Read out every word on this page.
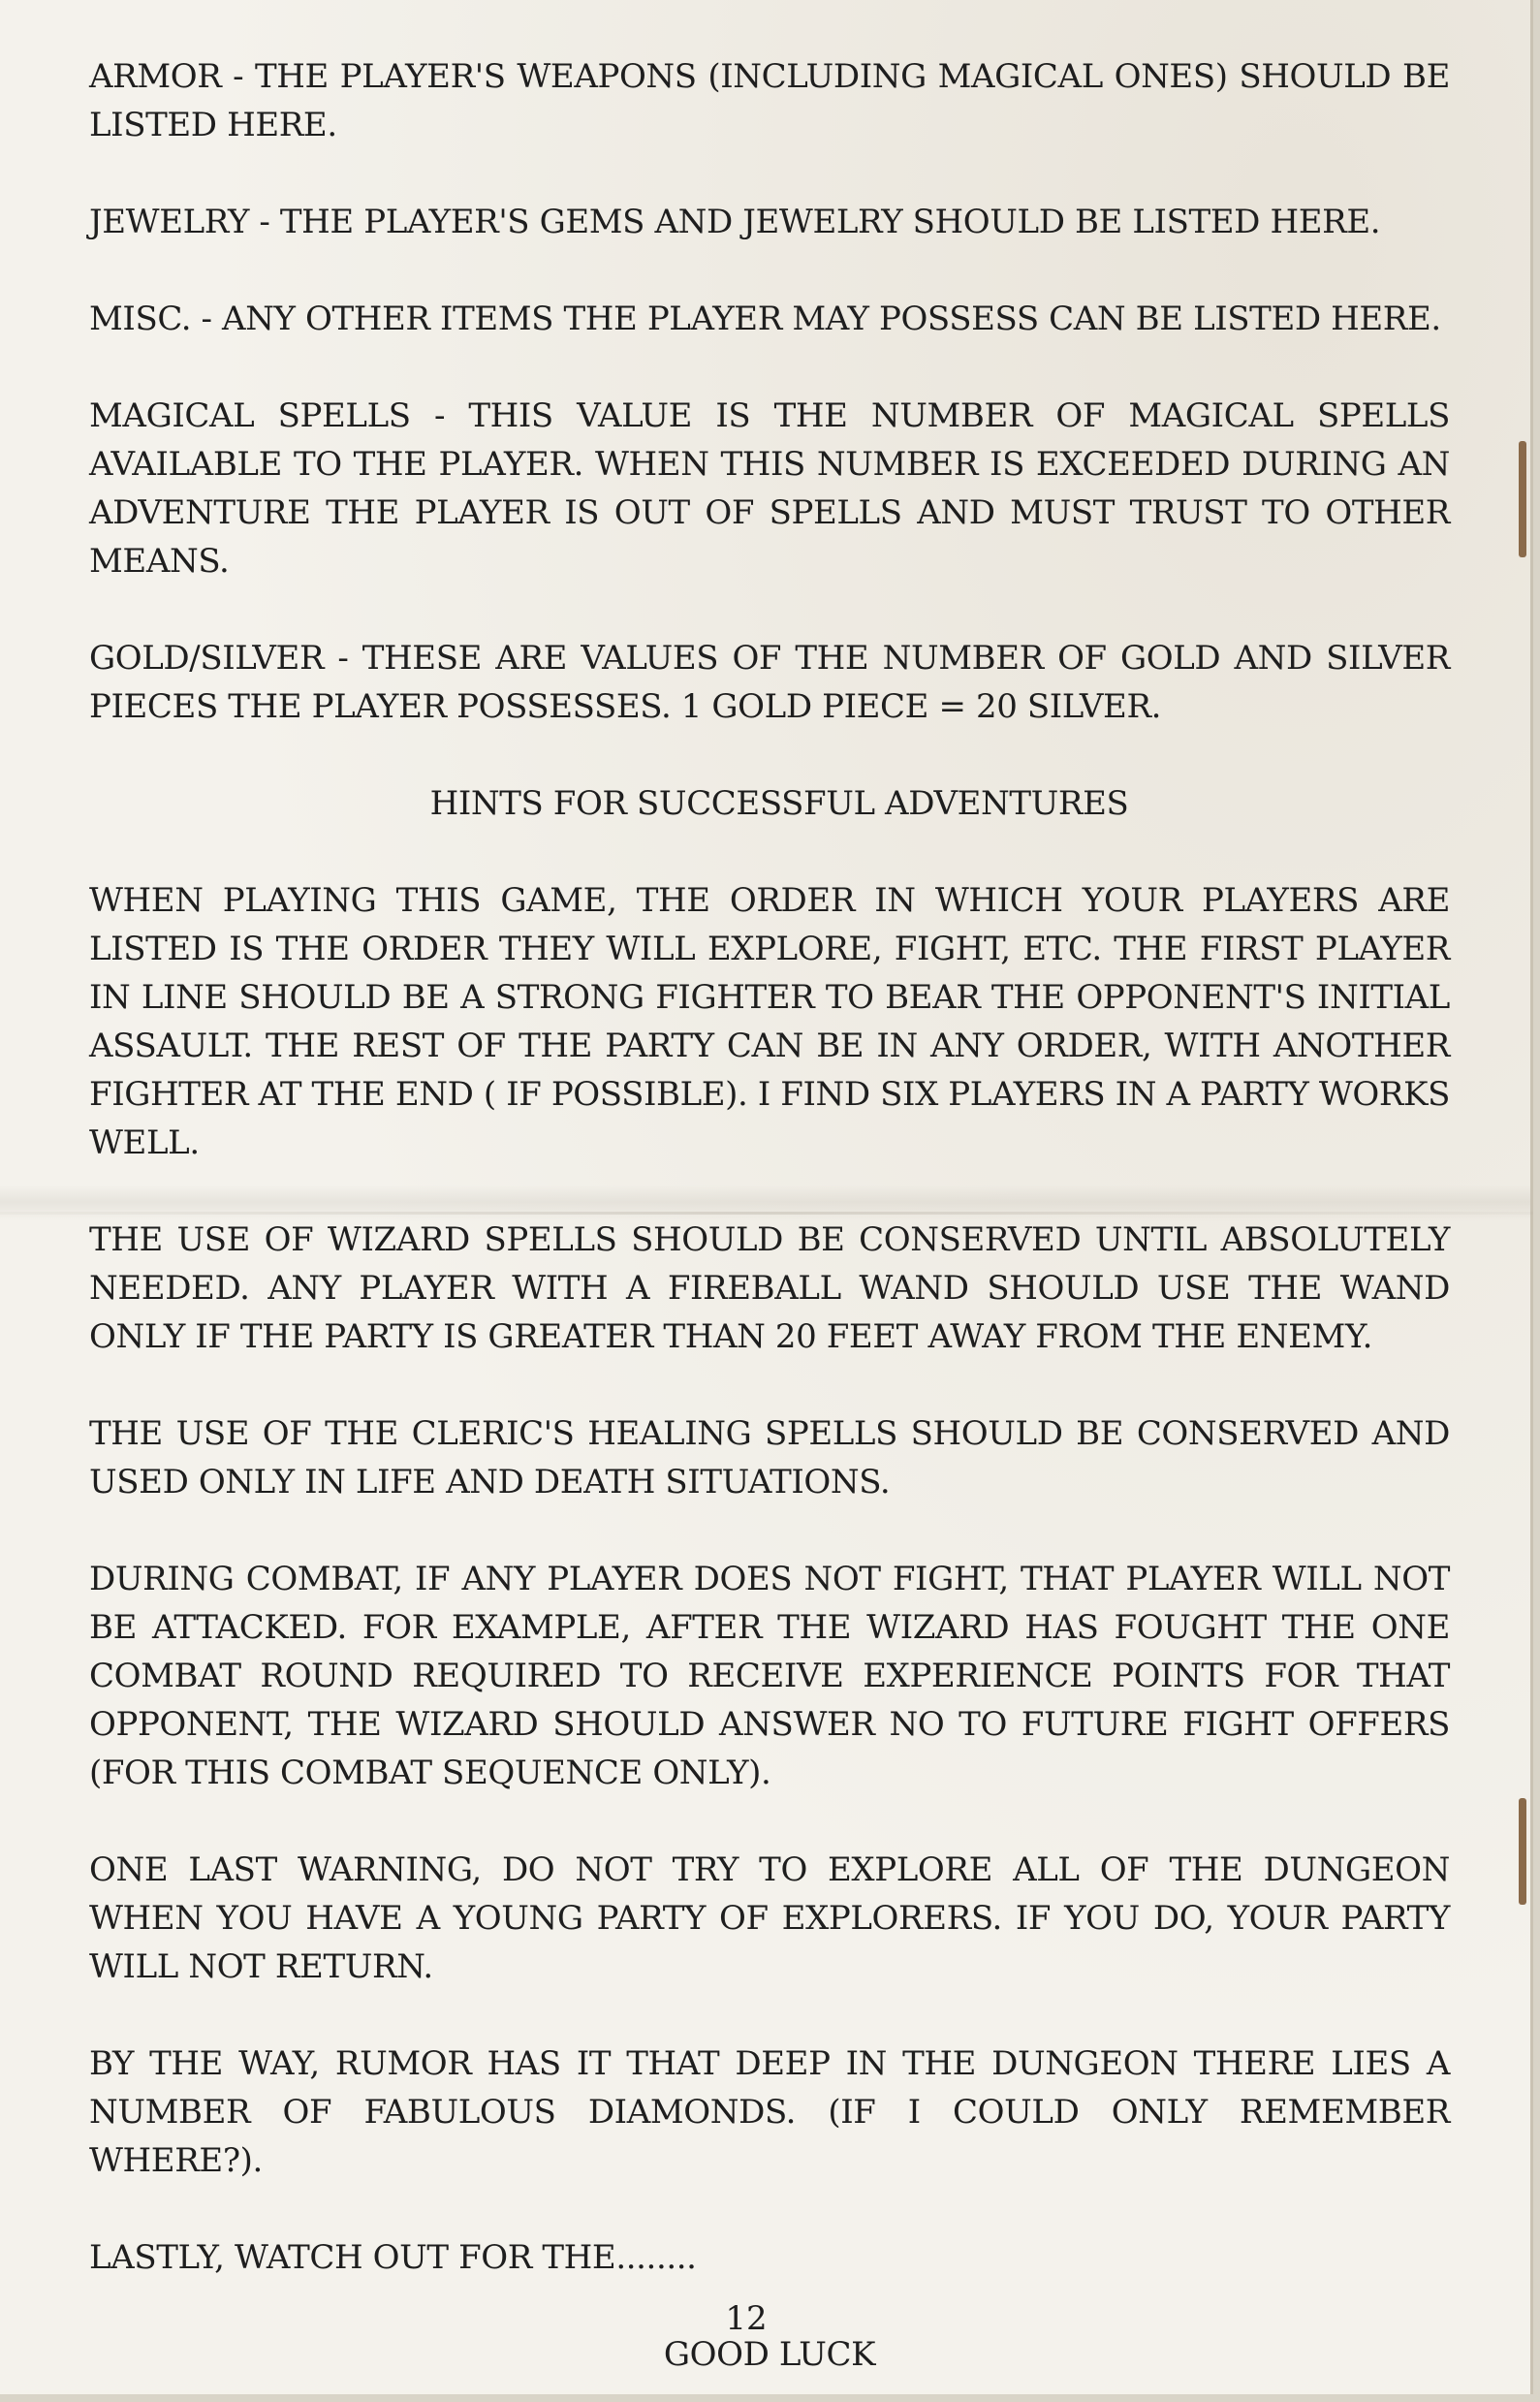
ARMOR - THE PLAYER'S WEAPONS (INCLUDING MAGICAL ONES) SHOULD BE LISTED HERE.

JEWELRY - THE PLAYER'S GEMS AND JEWELRY SHOULD BE LISTED HERE.

MISC. - ANY OTHER ITEMS THE PLAYER MAY POSSESS CAN BE LISTED HERE.

MAGICAL SPELLS - THIS VALUE IS THE NUMBER OF MAGICAL SPELLS AVAILABLE TO THE PLAYER. WHEN THIS NUMBER IS EXCEEDED DURING AN ADVENTURE THE PLAYER IS OUT OF SPELLS AND MUST TRUST TO OTHER MEANS.

GOLD/SILVER - THESE ARE VALUES OF THE NUMBER OF GOLD AND SILVER PIECES THE PLAYER POSSESSES. 1 GOLD PIECE = 20 SILVER.

HINTS FOR SUCCESSFUL ADVENTURES

WHEN PLAYING THIS GAME, THE ORDER IN WHICH YOUR PLAYERS ARE LISTED IS THE ORDER THEY WILL EXPLORE, FIGHT, ETC. THE FIRST PLAYER IN LINE SHOULD BE A STRONG FIGHTER TO BEAR THE OPPONENT'S INITIAL ASSAULT. THE REST OF THE PARTY CAN BE IN ANY ORDER, WITH ANOTHER FIGHTER AT THE END ( IF POSSIBLE). I FIND SIX PLAYERS IN A PARTY WORKS WELL.

THE USE OF WIZARD SPELLS SHOULD BE CONSERVED UNTIL ABSOLUTELY NEEDED. ANY PLAYER WITH A FIREBALL WAND SHOULD USE THE WAND ONLY IF THE PARTY IS GREATER THAN 20 FEET AWAY FROM THE ENEMY.

THE USE OF THE CLERIC'S HEALING SPELLS SHOULD BE CONSERVED AND USED ONLY IN LIFE AND DEATH SITUATIONS.

DURING COMBAT, IF ANY PLAYER DOES NOT FIGHT, THAT PLAYER WILL NOT BE ATTACKED. FOR EXAMPLE, AFTER THE WIZARD HAS FOUGHT THE ONE COMBAT ROUND REQUIRED TO RECEIVE EXPERIENCE POINTS FOR THAT OPPONENT, THE WIZARD SHOULD ANSWER NO TO FUTURE FIGHT OFFERS (FOR THIS COMBAT SEQUENCE ONLY).

ONE LAST WARNING, DO NOT TRY TO EXPLORE ALL OF THE DUNGEON WHEN YOU HAVE A YOUNG PARTY OF EXPLORERS. IF YOU DO, YOUR PARTY WILL NOT RETURN.

BY THE WAY, RUMOR HAS IT THAT DEEP IN THE DUNGEON THERE LIES A NUMBER OF FABULOUS DIAMONDS. (IF I COULD ONLY REMEMBER WHERE?).

LASTLY, WATCH OUT FOR THE........

GOOD LUCK

12
